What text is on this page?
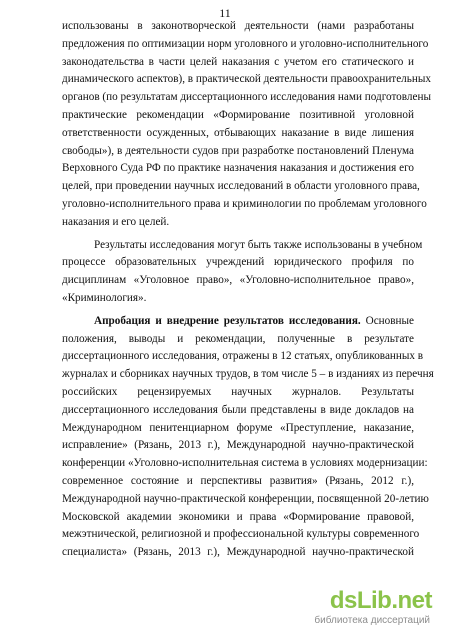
11
использованы в законотворческой деятельности (нами разработаны
предложения по оптимизации норм уголовного и уголовно-исполнительного
законодательства в части целей наказания с учетом его статического и
динамического аспектов), в практической деятельности правоохранительных
органов (по результатам диссертационного исследования нами подготовлены
практические рекомендации «Формирование позитивной уголовной
ответственности осужденных, отбывающих наказание в виде лишения
свободы»), в деятельности судов при разработке постановлений Пленума
Верховного Суда РФ по практике назначения наказания и достижения его
целей, при проведении научных исследований в области уголовного права,
уголовно-исполнительного права и криминологии по проблемам уголовного
наказания и его целей.
Результаты исследования могут быть также использованы в учебном
процессе образовательных учреждений юридического профиля по
дисциплинам «Уголовное право», «Уголовно-исполнительное право»,
«Криминология».
Апробация и внедрение результатов исследования. Основные
положения, выводы и рекомендации, полученные в результате
диссертационного исследования, отражены в 12 статьях, опубликованных в
журналах и сборниках научных трудов, в том числе 5 – в изданиях из перечня
российских рецензируемых научных журналов. Результаты
диссертационного исследования были представлены в виде докладов на
Международном пенитенциарном форуме «Преступление, наказание,
исправление» (Рязань, 2013 г.), Международной научно-практической
конференции «Уголовно-исполнительная система в условиях модернизации:
современное состояние и перспективы развития» (Рязань, 2012 г.),
Международной научно-практической конференции, посвященной 20-летию
Московской академии экономики и права «Формирование правовой,
межэтнической, религиозной и профессиональной культуры современного
специалиста» (Рязань, 2013 г.), Международной научно-практической
dsLib.net
библиотека диссертаций
